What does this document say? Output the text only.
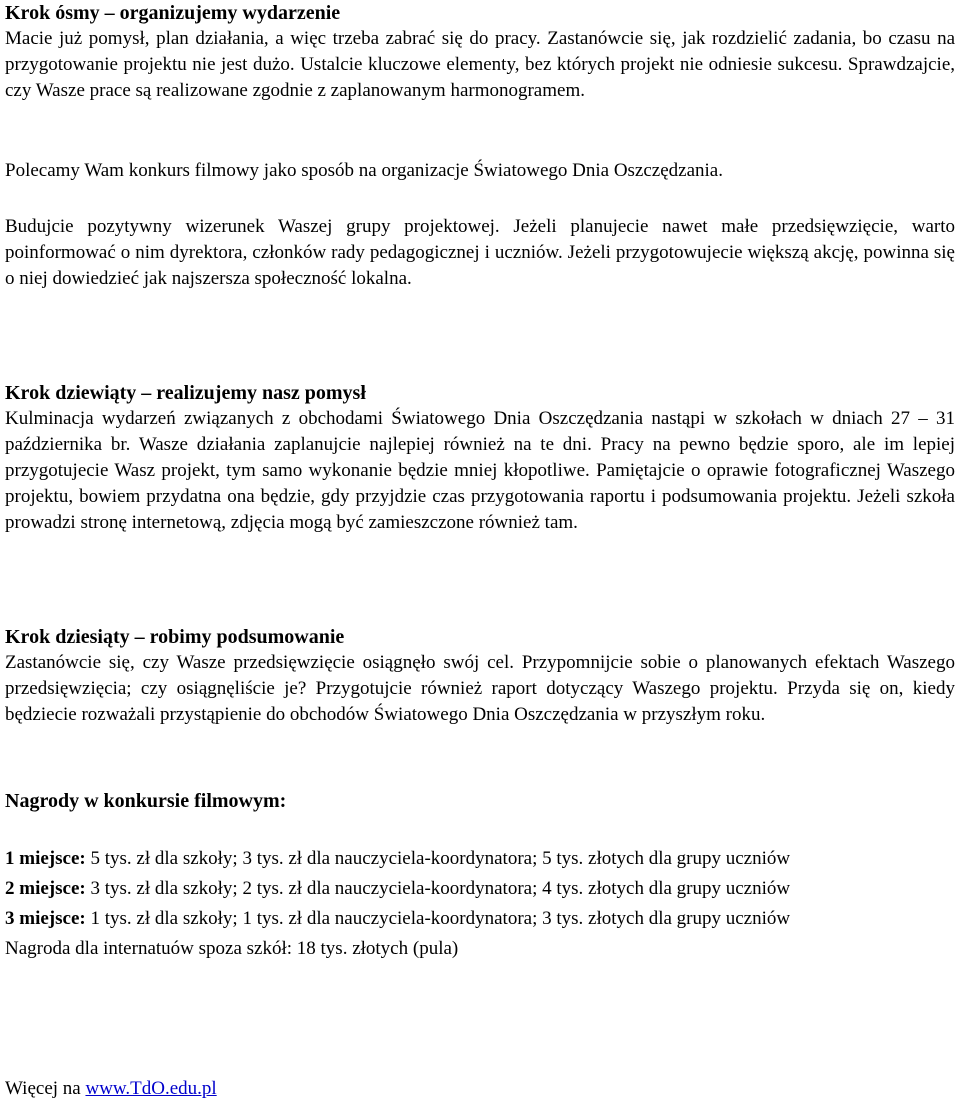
Krok ósmy – organizujemy wydarzenie

Macie już pomysł, plan działania, a więc trzeba zabrać się do pracy. Zastanówcie się, jak rozdzielić zadania, bo czasu na przygotowanie projektu nie jest dużo. Ustalcie kluczowe elementy, bez których projekt nie odniesie sukcesu. Sprawdzajcie, czy Wasze prace są realizowane zgodnie z zaplanowanym harmonogramem.

Polecamy Wam konkurs filmowy jako sposób na organizacje Światowego Dnia Oszczędzania.

Budujcie pozytywny wizerunek Waszej grupy projektowej. Jeżeli planujecie nawet małe przedsięwzięcie, warto poinformować o nim dyrektora, członków rady pedagogicznej i uczniów. Jeżeli przygotowujecie większą akcję, powinna się o niej dowiedzieć jak najszersza społeczność lokalna.

Krok dziewiąty – realizujemy nasz pomysł

Kulminacja wydarzeń związanych z obchodami Światowego Dnia Oszczędzania nastąpi w szkołach w dniach 27 – 31 października br. Wasze działania zaplanujcie najlepiej również na te dni. Pracy na pewno będzie sporo, ale im lepiej przygotujecie Wasz projekt, tym samo wykonanie będzie mniej kłopotliwe. Pamiętajcie o oprawie fotograficznej Waszego projektu, bowiem przydatna ona będzie, gdy przyjdzie czas przygotowania raportu i podsumowania projektu. Jeżeli szkoła prowadzi stronę internetową, zdjęcia mogą być zamieszczone również tam.

Krok dziesiąty – robimy podsumowanie

Zastanówcie się, czy Wasze przedsięwzięcie osiągnęło swój cel. Przypomnijcie sobie o planowanych efektach Waszego przedsięwzięcia; czy osiągnęliście je? Przygotujcie również raport dotyczący Waszego projektu. Przyda się on, kiedy będziecie rozważali przystąpienie do obchodów Światowego Dnia Oszczędzania w przyszłym roku.

Nagrody w konkursie filmowym:

1 miejsce: 5 tys. zł dla szkoły; 3 tys. zł dla nauczyciela-koordynatora; 5 tys. złotych dla grupy uczniów

2 miejsce: 3 tys. zł dla szkoły; 2 tys. zł dla nauczyciela-koordynatora; 4 tys. złotych dla grupy uczniów

3 miejsce: 1 tys. zł dla szkoły; 1 tys. zł dla nauczyciela-koordynatora; 3 tys. złotych dla grupy uczniów

Nagroda dla internatuów spoza szkół: 18 tys. złotych (pula)

Więcej na www.TdO.edu.pl
